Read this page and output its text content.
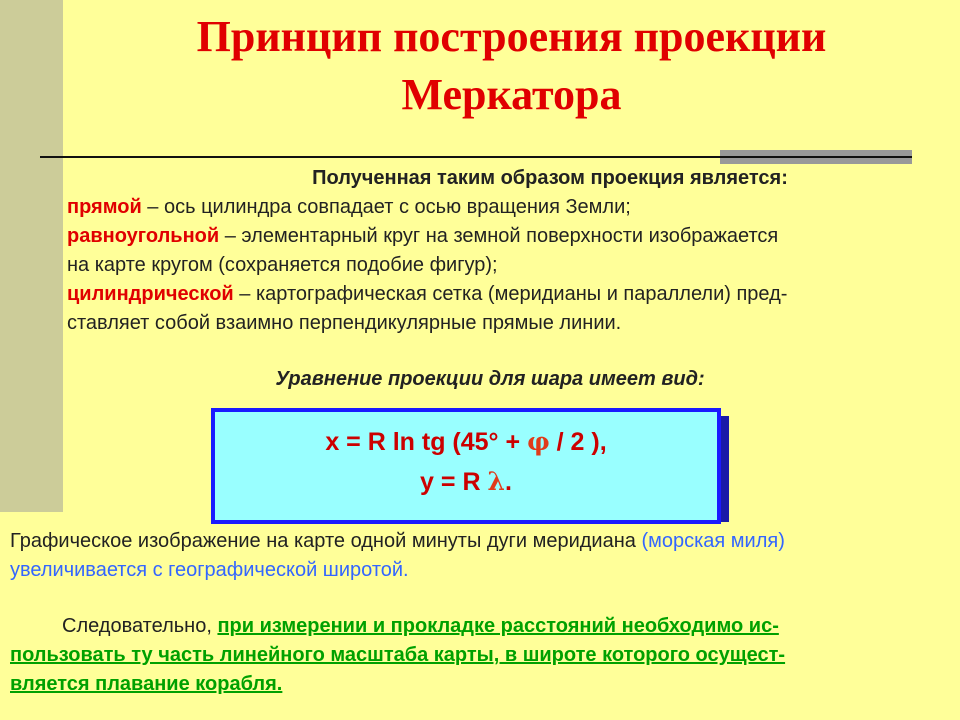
Принцип построения проекции
Меркатора
Полученная таким образом проекция является:

прямой – ось цилиндра совпадает с осью вращения Земли;

равноугольной – элементарный круг на земной поверхности изображается

на карте кругом (сохраняется подобие фигур);

цилиндрической – картографическая сетка (меридианы и параллели) пред-

ставляет собой взаимно перпендикулярные прямые линии.

Уравнение проекции для шара имеет вид:
x = R ln tg (45° + φ / 2 ),
y = R λ.

Графическое изображение на карте одной минуты дуги меридиана (морская миля)

увеличивается с географической широтой.

Следовательно, при измерении и прокладке расстояний необходимо ис-

пользовать ту часть линейного масштаба карты, в широте которого осущест-

вляется плавание корабля.
